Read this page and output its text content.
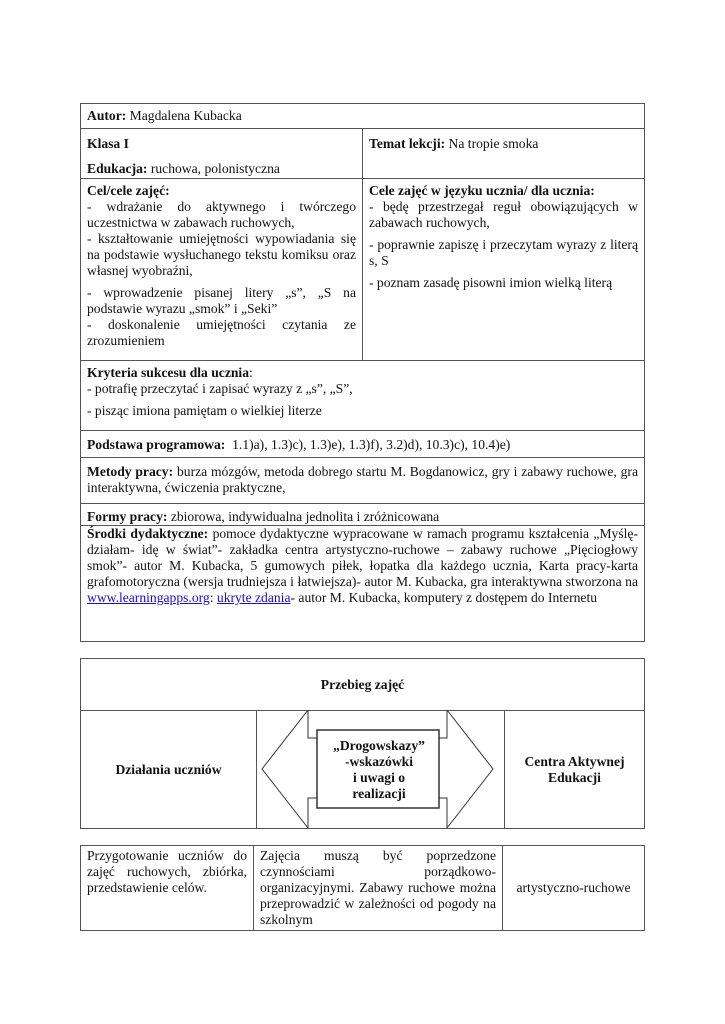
Autor: Magdalena Kubacka

Klasa I

Edukacja: ruchowa, polonistyczna

Temat lekcji: Na tropie smoka

Cel/cele zajęć:

- wdrażanie do aktywnego i twórczego uczestnictwa w zabawach ruchowych,

- kształtowanie umiejętności wypowiadania się na podstawie wysłuchanego tekstu komiksu oraz własnej wyobraźni,

- wprowadzenie pisanej litery „s”, „S na podstawie wyrazu „smok” i „Seki”

- doskonalenie umiejętności czytania ze zrozumieniem

Cele zajęć w języku ucznia/ dla ucznia:

- będę przestrzegał reguł obowiązujących w zabawach ruchowych,

- poprawnie zapiszę i przeczytam wyrazy z literą s, S

- poznam zasadę pisowni imion wielką literą

Kryteria sukcesu dla ucznia:

- potrafię przeczytać i zapisać wyrazy z „s”, „S”,

- pisząc imiona pamiętam o wielkiej literze

Podstawa programowa: 1.1)a), 1.3)c), 1.3)e), 1.3)f), 3.2)d), 10.3)c), 10.4)e)
Metody pracy: burza mózgów, metoda dobrego startu M. Bogdanowicz, gry i zabawy ruchowe, gra interaktywna, ćwiczenia praktyczne,
Formy pracy: zbiorowa, indywidualna jednolita i zróżnicowana
Środki dydaktyczne: pomoce dydaktyczne wypracowane w ramach programu kształcenia „Myślę- działam- idę w świat”- zakładka centra artystyczno-ruchowe – zabawy ruchowe „Pięciogłowy smok”- autor M. Kubacka, 5 gumowych piłek, łopatka dla każdego ucznia, Karta pracy-karta grafomotoryczna (wersja trudniejsza i łatwiejsza)- autor M. Kubacka, gra interaktywna stworzona na www.learningapps.org: ukryte zdania- autor M. Kubacka, komputery z dostępem do Internetu
Przebieg zajęć
Działania uczniów
„Drogowskazy”
-wskazówki
i uwagi o
realizacji
Centra Aktywnej Edukacji
Przygotowanie uczniów do zajęć ruchowych, zbiórka, przedstawienie celów.
Zajęcia muszą być poprzedzone czynnościami porządkowo-organizacyjnymi. Zabawy ruchowe można przeprowadzić w zależności od pogody na szkolnym
artystyczno-ruchowe
